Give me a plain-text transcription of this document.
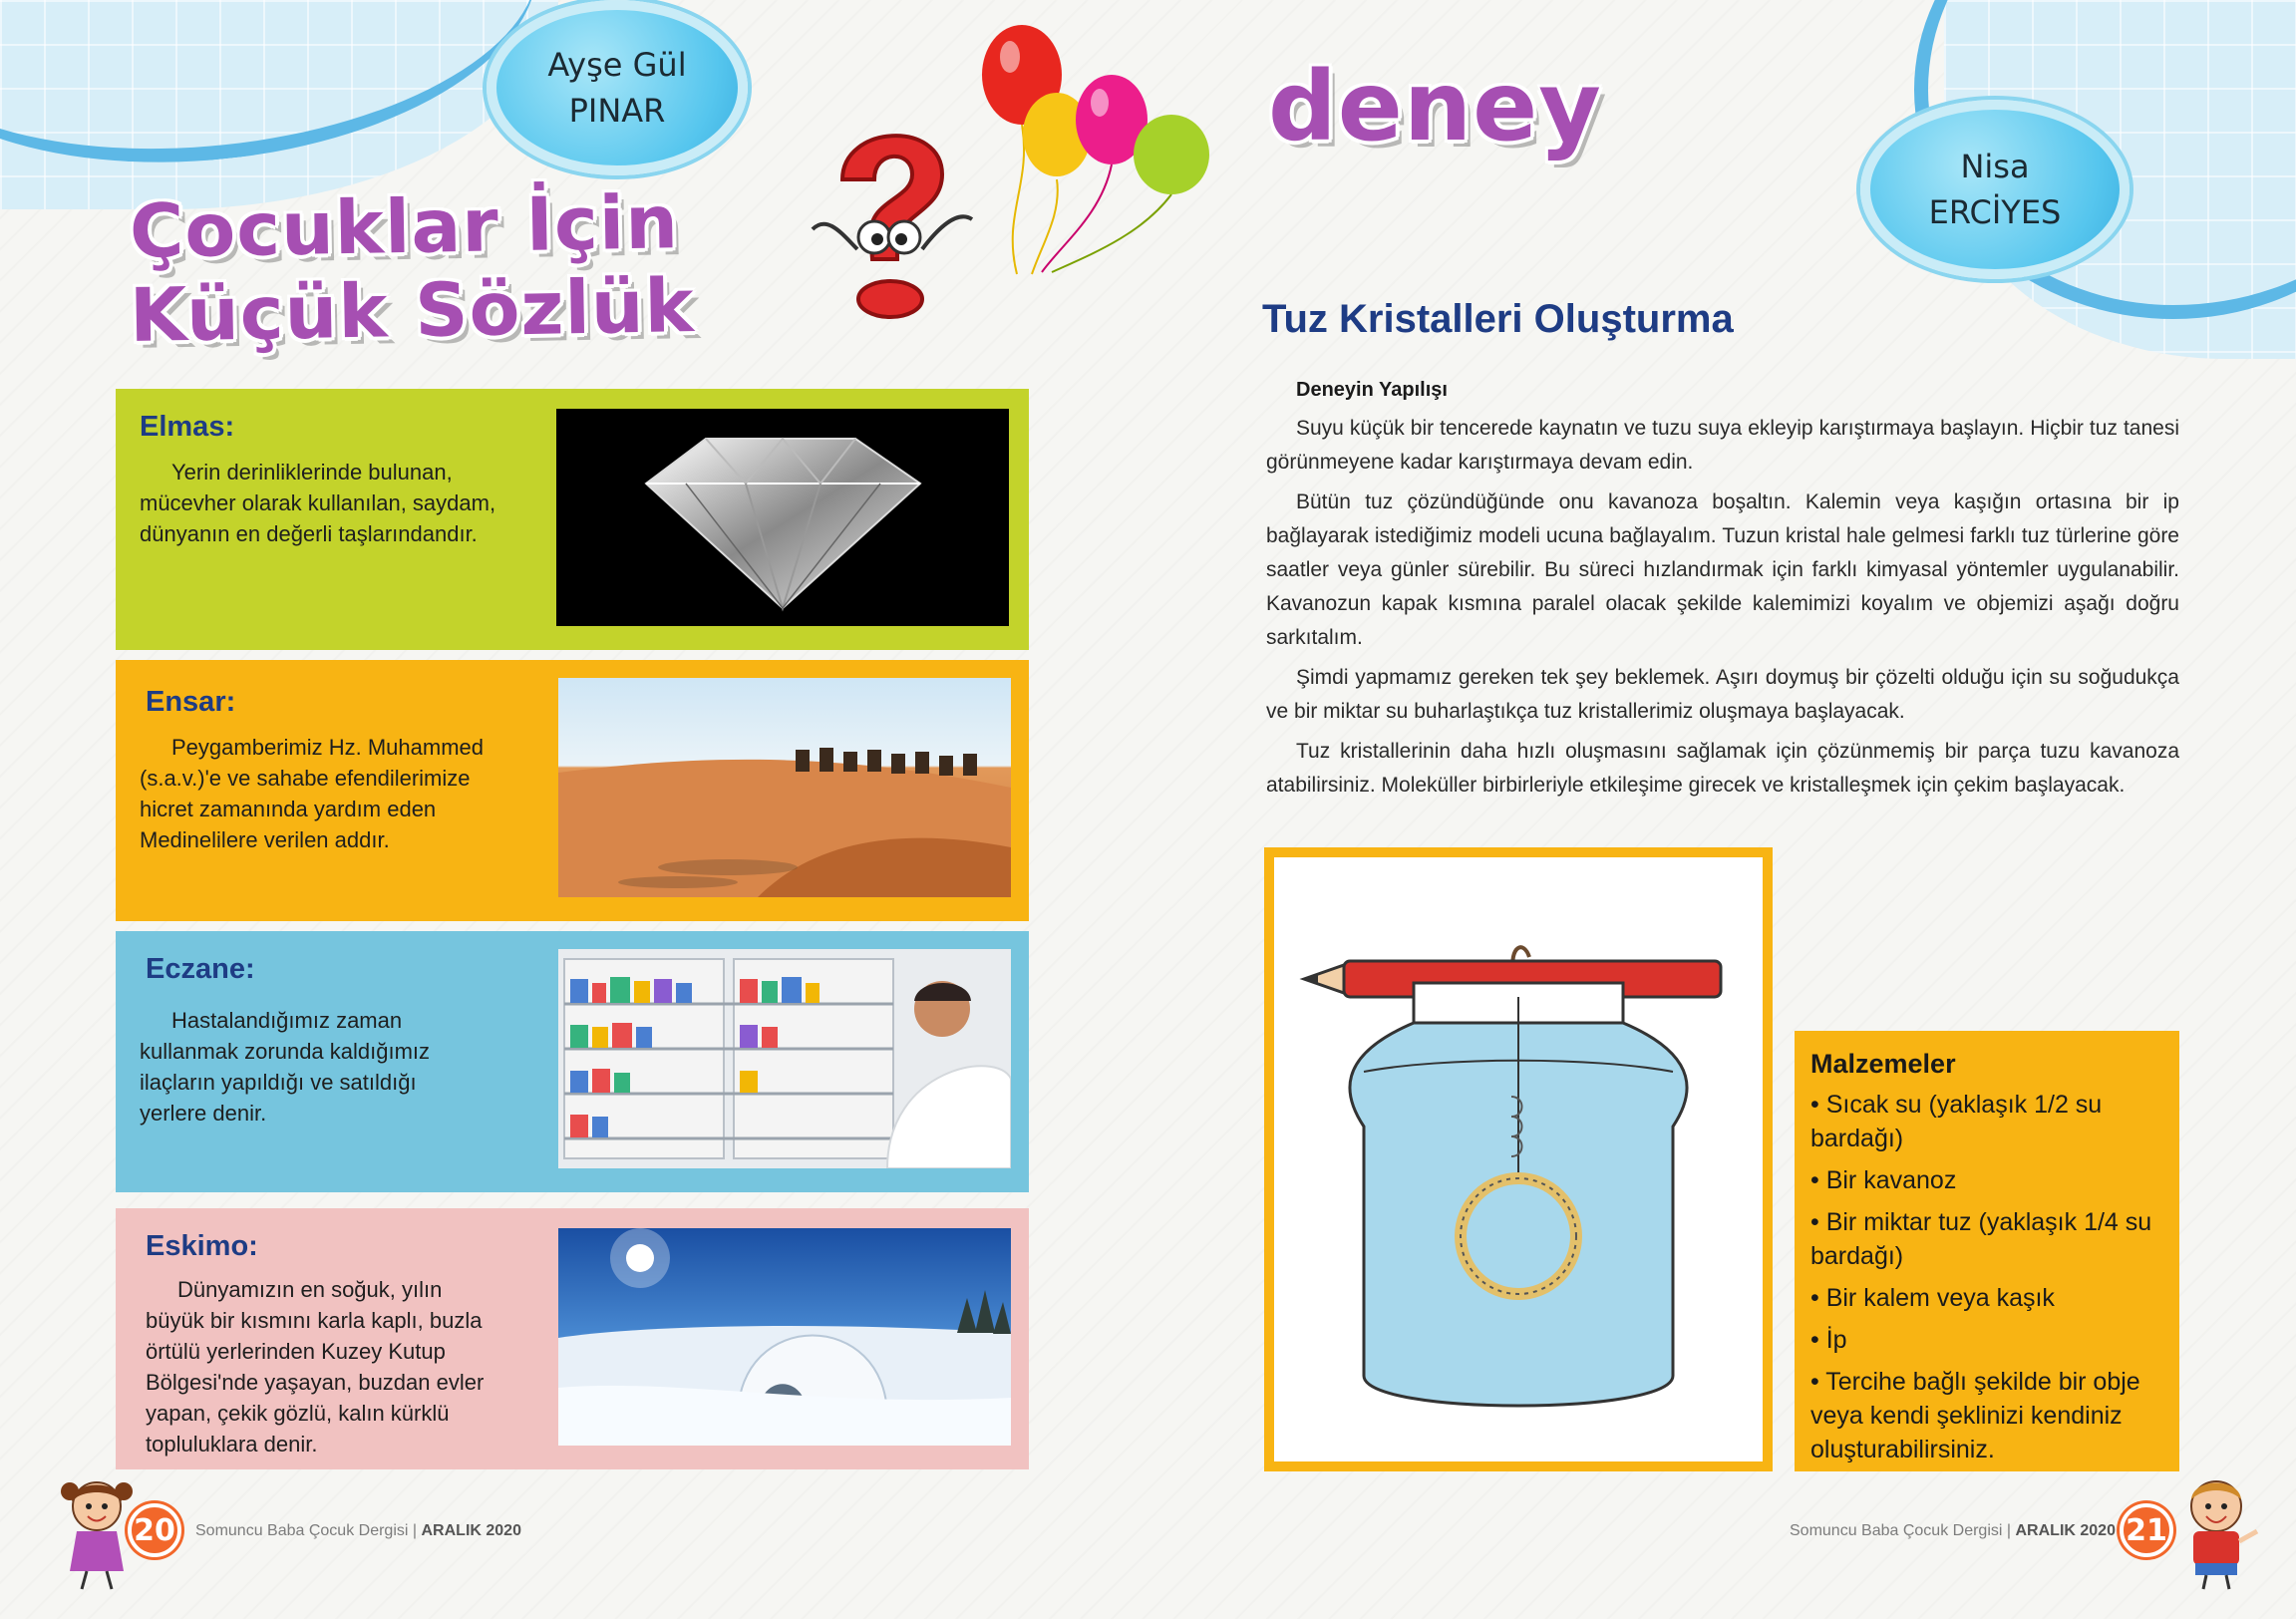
Ayşe Gül
PINAR
Çocuklar İçin
Küçük Sözlük
Elmas:

Yerin derinliklerinde bulunan, mücevher olarak kullanılan, saydam, dünyanın en değerli taşlarındandır.

Ensar:

Peygamberimiz Hz. Muhammed (s.a.v.)'e ve sahabe efendilerimize hicret zamanında yardım eden Medinelilere verilen addır.

Eczane:

Hastalandığımız zaman kullanmak zorunda kaldığımız ilaçların yapıldığı ve satıldığı yerlere denir.

Eskimo:

Dünyamızın en soğuk, yılın büyük bir kısmını karla kaplı, buzla örtülü yerlerinden Kuzey Kutup Bölgesi'nde yaşayan, buzdan evler yapan, çekik gözlü, kalın kürklü topluluklara denir.

20	Somuncu Baba Çocuk Dergisi | ARALIK 2020
deney
Nisa
ERCİYES
Tuz Kristalleri Oluşturma
Deneyin Yapılışı

Suyu küçük bir tencerede kaynatın ve tuzu suya ekleyip karıştırmaya başlayın. Hiçbir tuz tanesi görünmeyene kadar karıştırmaya devam edin.

Bütün tuz çözündüğünde onu kavanoza boşaltın. Kalemin veya kaşığın ortasına bir ip bağlayarak istediğimiz modeli ucuna bağlayalım. Tuzun kristal hale gelmesi farklı tuz türlerine göre saatler veya günler sürebilir. Bu süreci hızlandırmak için farklı kimyasal yöntemler uygulanabilir. Kavanozun kapak kısmına paralel olacak şekilde kalemimizi koyalım ve objemizi aşağı doğru sarkıtalım.

Şimdi yapmamız gereken tek şey beklemek. Aşırı doymuş bir çözelti olduğu için su soğudukça ve bir miktar su buharlaştıkça tuz kristallerimiz oluşmaya başlayacak.

Tuz kristallerinin daha hızlı oluşmasını sağlamak için çözünmemiş bir parça tuzu kavanoza atabilirsiniz. Moleküller birbirleriyle etkileşime girecek ve kristalleşmek için çekim başlayacak.

Malzemeler
• Sıcak su (yaklaşık 1/2 su bardağı)
• Bir kavanoz
• Bir miktar tuz (yaklaşık 1/4 su bardağı)
• Bir kalem veya kaşık
• İp
• Tercihe bağlı şekilde bir obje veya kendi şeklinizi kendiniz oluşturabilirsiniz.
Somuncu Baba Çocuk Dergisi | ARALIK 2020 21
